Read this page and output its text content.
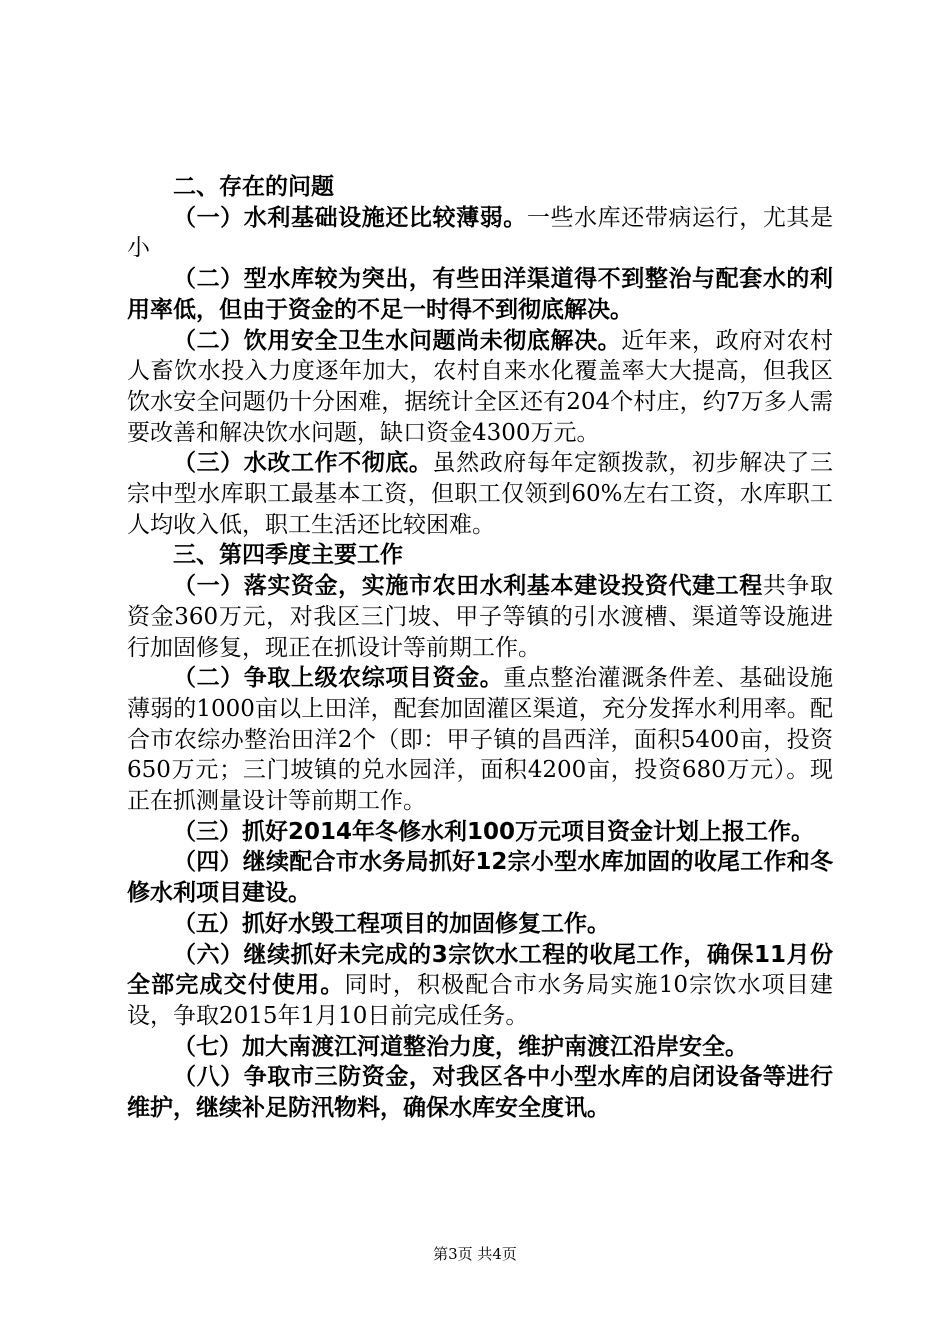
二、存在的问题

（一）水利基础设施还比较薄弱。一些水库还带病运行，尤其是小

（二）型水库较为突出，有些田洋渠道得不到整治与配套水的利用率低，但由于资金的不足一时得不到彻底解决。

（二）饮用安全卫生水问题尚未彻底解决。近年来，政府对农村人畜饮水投入力度逐年加大，农村自来水化覆盖率大大提高，但我区饮水安全问题仍十分困难，据统计全区还有204个村庄，约7万多人需要改善和解决饮水问题，缺口资金4300万元。

（三）水改工作不彻底。虽然政府每年定额拨款，初步解决了三宗中型水库职工最基本工资，但职工仅领到60%左右工资，水库职工人均收入低，职工生活还比较困难。

三、第四季度主要工作

（一）落实资金，实施市农田水利基本建设投资代建工程共争取资金360万元，对我区三门坡、甲子等镇的引水渡槽、渠道等设施进行加固修复，现正在抓设计等前期工作。

（二）争取上级农综项目资金。重点整治灌溉条件差、基础设施薄弱的1000亩以上田洋，配套加固灌区渠道，充分发挥水利用率。配合市农综办整治田洋2个（即：甲子镇的昌西洋，面积5400亩，投资650万元；三门坡镇的兑水园洋，面积4200亩，投资680万元）。现正在抓测量设计等前期工作。

（三）抓好2014年冬修水利100万元项目资金计划上报工作。

（四）继续配合市水务局抓好12宗小型水库加固的收尾工作和冬修水利项目建设。

（五）抓好水毁工程项目的加固修复工作。

（六）继续抓好未完成的3宗饮水工程的收尾工作，确保11月份全部完成交付使用。同时，积极配合市水务局实施10宗饮水项目建设，争取2015年1月10日前完成任务。

（七）加大南渡江河道整治力度，维护南渡江沿岸安全。

（八）争取市三防资金，对我区各中小型水库的启闭设备等进行维护，继续补足防汛物料，确保水库安全度讯。

第3页 共4页
